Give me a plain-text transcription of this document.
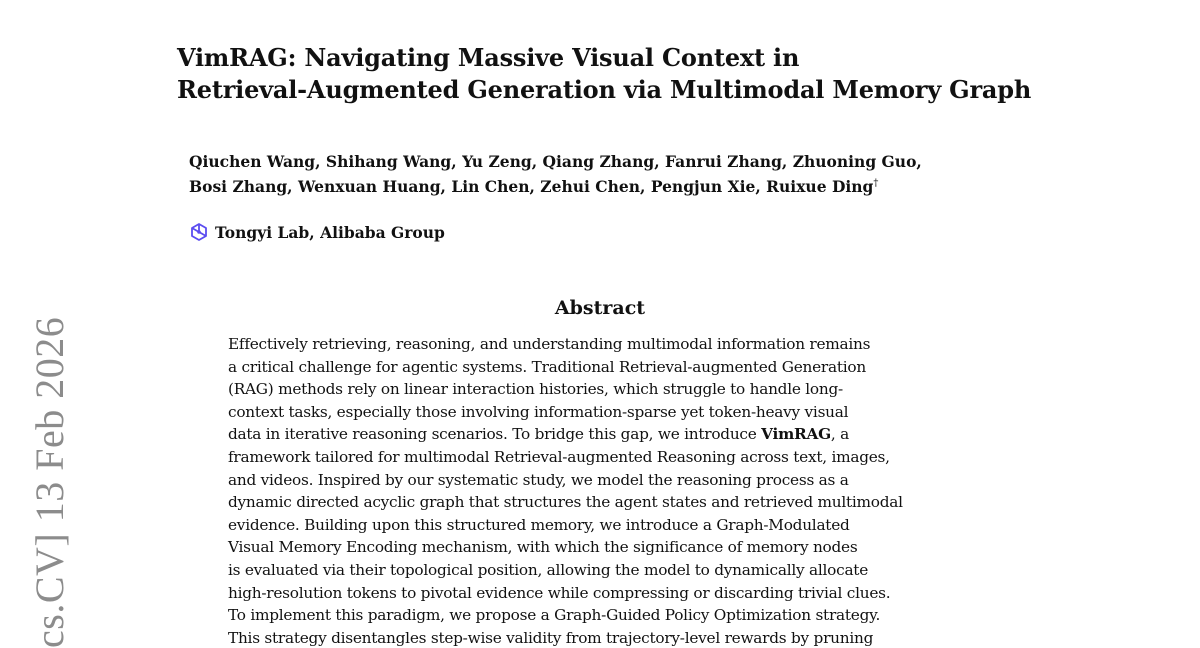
cs.CV] 13 Feb 2026
VimRAG: Navigating Massive Visual Context in
Retrieval-Augmented Generation via Multimodal Memory Graph
Qiuchen Wang, Shihang Wang, Yu Zeng, Qiang Zhang, Fanrui Zhang, Zhuoning Guo,
Bosi Zhang, Wenxuan Huang, Lin Chen, Zehui Chen, Pengjun Xie, Ruixue Ding†
Tongyi Lab, Alibaba Group
Abstract
Effectively retrieving, reasoning, and understanding multimodal information remains
a critical challenge for agentic systems. Traditional Retrieval-augmented Generation
(RAG) methods rely on linear interaction histories, which struggle to handle long-
context tasks, especially those involving information-sparse yet token-heavy visual
data in iterative reasoning scenarios. To bridge this gap, we introduce VimRAG, a
framework tailored for multimodal Retrieval-augmented Reasoning across text, images,
and videos. Inspired by our systematic study, we model the reasoning process as a
dynamic directed acyclic graph that structures the agent states and retrieved multimodal
evidence. Building upon this structured memory, we introduce a Graph-Modulated
Visual Memory Encoding mechanism, with which the significance of memory nodes
is evaluated via their topological position, allowing the model to dynamically allocate
high-resolution tokens to pivotal evidence while compressing or discarding trivial clues.
To implement this paradigm, we propose a Graph-Guided Policy Optimization strategy.
This strategy disentangles step-wise validity from trajectory-level rewards by pruning
